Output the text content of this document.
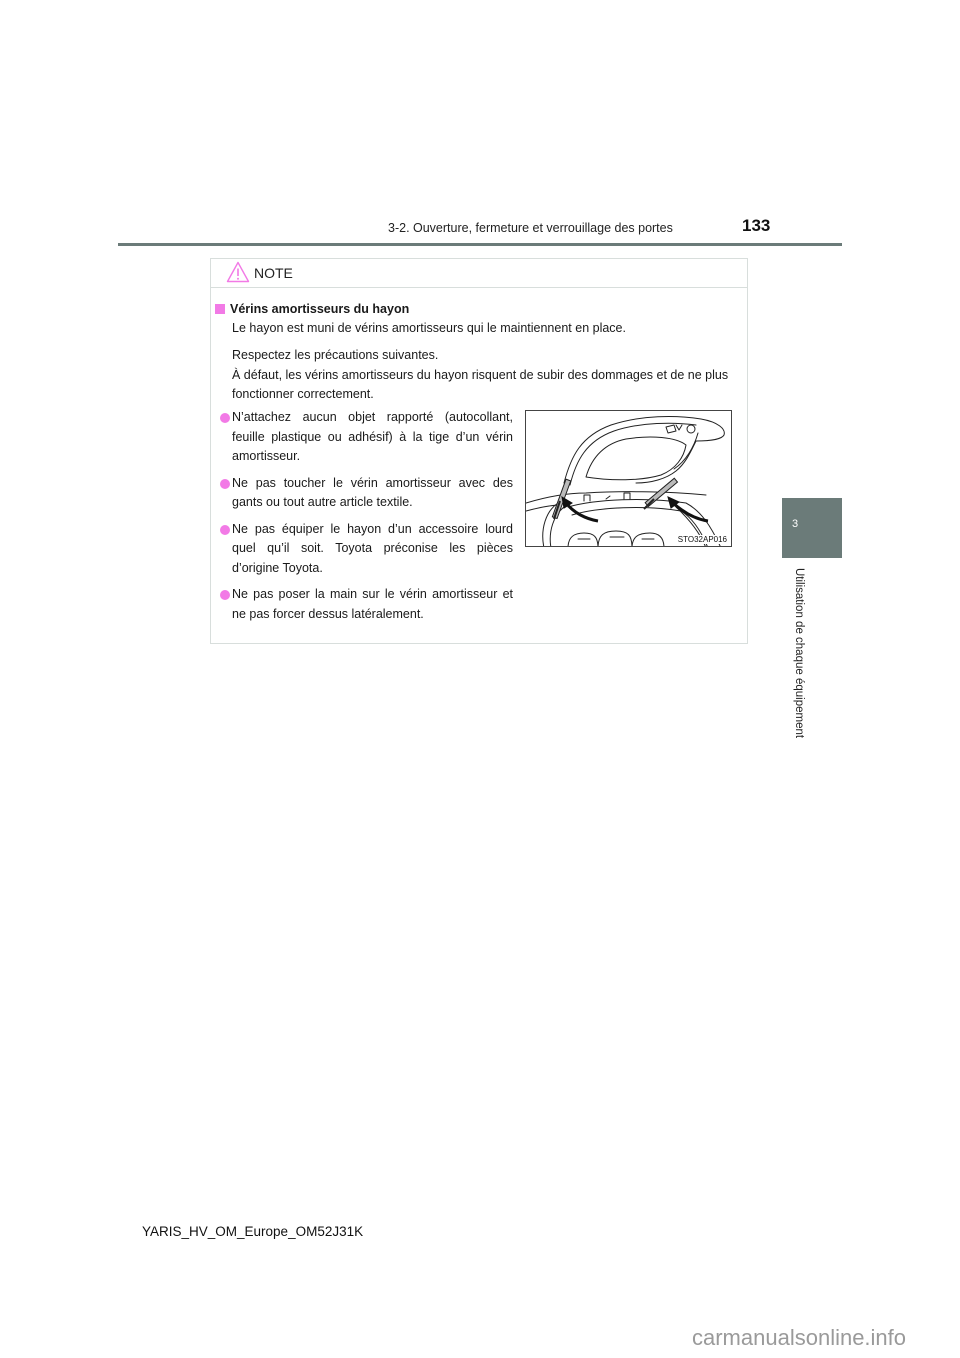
3-2. Ouverture, fermeture et verrouillage des portes	133
3
Utilisation de chaque équipement
NOTE
Vérins amortisseurs du hayon
Le hayon est muni de vérins amortisseurs qui le maintiennent en place.
Respectez les précautions suivantes.
À défaut, les vérins amortisseurs du hayon risquent de subir des dommages et de ne plus fonctionner correctement.
N’attachez aucun objet rapporté (autocollant, feuille plastique ou adhésif) à la tige d’un vérin amortisseur.
Ne pas toucher le vérin amortisseur avec des gants ou tout autre article textile.
Ne pas équiper le hayon d’un accessoire lourd quel qu’il soit. Toyota préconise les pièces d’origine Toyota.
Ne pas poser la main sur le vérin amortisseur et ne pas forcer dessus latéralement.
STO32AP016
YARIS_HV_OM_Europe_OM52J31K
carmanualsonline.info
